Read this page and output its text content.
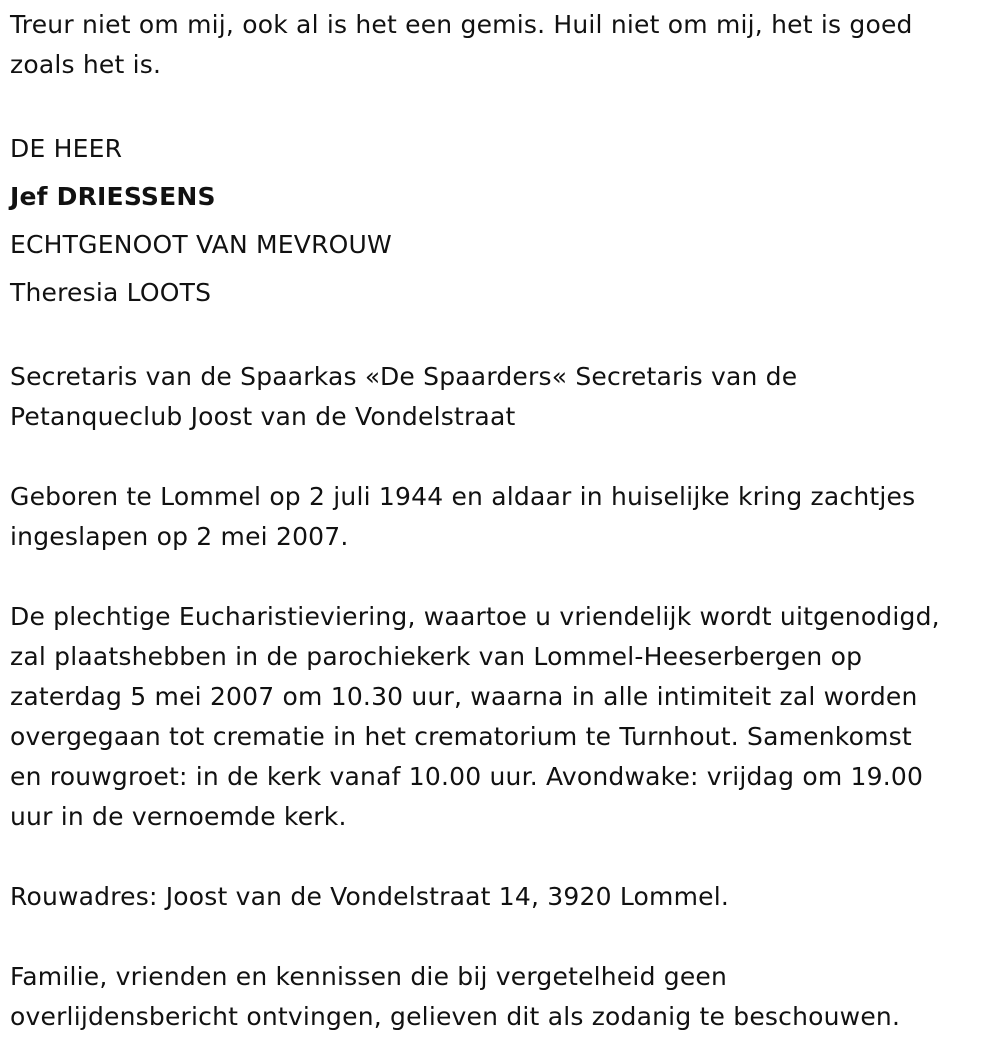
Treur niet om mij, ook al is het een gemis. Huil niet om mij, het is goed

zoals het is.

DE HEER

Jef DRIESSENS

ECHTGENOOT VAN MEVROUW

Theresia LOOTS

Secretaris van de Spaarkas «De Spaarders« Secretaris van de

Petanqueclub Joost van de Vondelstraat

Geboren te Lommel op 2 juli 1944 en aldaar in huiselijke kring zachtjes

ingeslapen op 2 mei 2007.

De plechtige Eucharistieviering, waartoe u vriendelijk wordt uitgenodigd,

zal plaatshebben in de parochiekerk van Lommel-Heeserbergen op

zaterdag 5 mei 2007 om 10.30 uur, waarna in alle intimiteit zal worden

overgegaan tot crematie in het crematorium te Turnhout. Samenkomst

en rouwgroet: in de kerk vanaf 10.00 uur. Avondwake: vrijdag om 19.00

uur in de vernoemde kerk.

Rouwadres: Joost van de Vondelstraat 14, 3920 Lommel.

Familie, vrienden en kennissen die bij vergetelheid geen

overlijdensbericht ontvingen, gelieven dit als zodanig te beschouwen.
